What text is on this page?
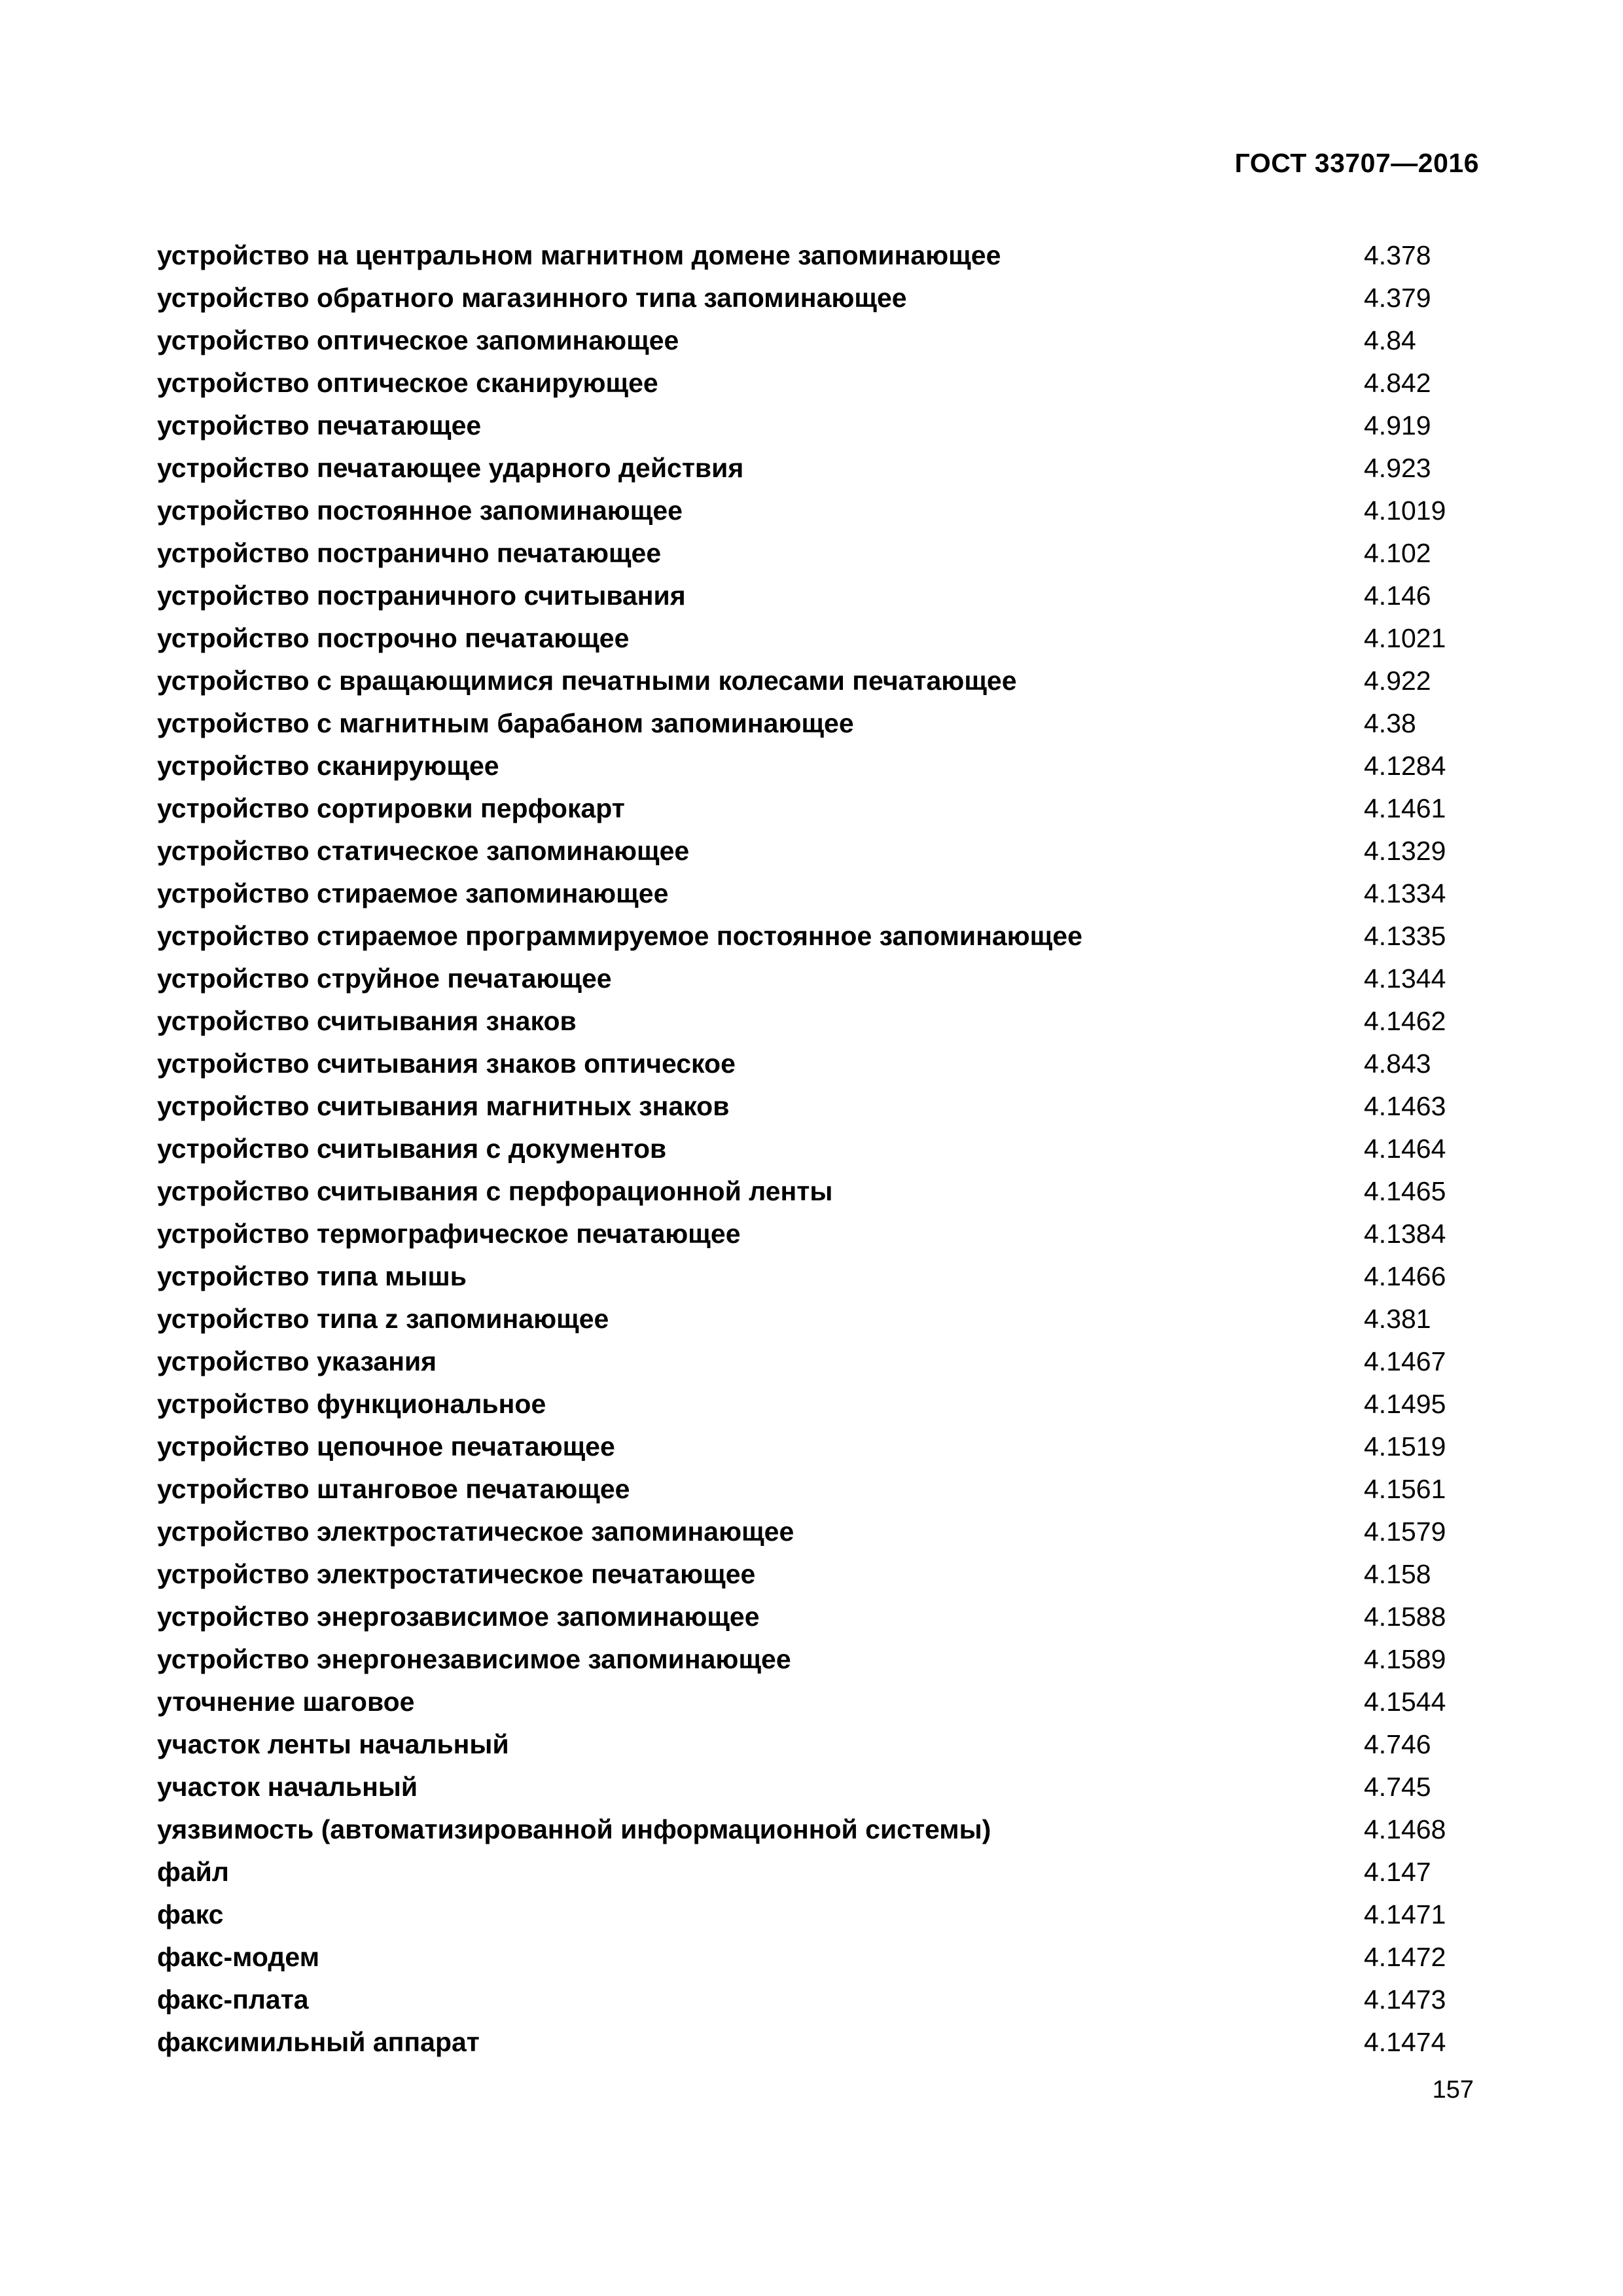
ГОСТ 33707—2016
устройство на центральном магнитном домене запоминающее	4.378
устройство обратного магазинного типа запоминающее	4.379
устройство оптическое запоминающее	4.84
устройство оптическое сканирующее	4.842
устройство печатающее	4.919
устройство печатающее ударного действия	4.923
устройство постоянное запоминающее	4.1019
устройство постранично печатающее	4.102
устройство постраничного считывания	4.146
устройство построчно печатающее	4.1021
устройство с вращающимися печатными колесами печатающее	4.922
устройство с магнитным барабаном запоминающее	4.38
устройство сканирующее	4.1284
устройство сортировки перфокарт	4.1461
устройство статическое запоминающее	4.1329
устройство стираемое запоминающее	4.1334
устройство стираемое программируемое постоянное запоминающее	4.1335
устройство струйное печатающее	4.1344
устройство считывания знаков	4.1462
устройство считывания знаков оптическое	4.843
устройство считывания магнитных знаков	4.1463
устройство считывания с документов	4.1464
устройство считывания с перфорационной ленты	4.1465
устройство термографическое печатающее	4.1384
устройство типа мышь	4.1466
устройство типа z запоминающее	4.381
устройство указания	4.1467
устройство функциональное	4.1495
устройство цепочное печатающее	4.1519
устройство штанговое печатающее	4.1561
устройство электростатическое запоминающее	4.1579
устройство электростатическое печатающее	4.158
устройство энергозависимое запоминающее	4.1588
устройство энергонезависимое запоминающее	4.1589
уточнение шаговое	4.1544
участок ленты начальный	4.746
участок начальный	4.745
уязвимость (автоматизированной информационной системы)	4.1468
файл	4.147
факс	4.1471
факс-модем	4.1472
факс-плата	4.1473
факсимильный аппарат	4.1474
157
